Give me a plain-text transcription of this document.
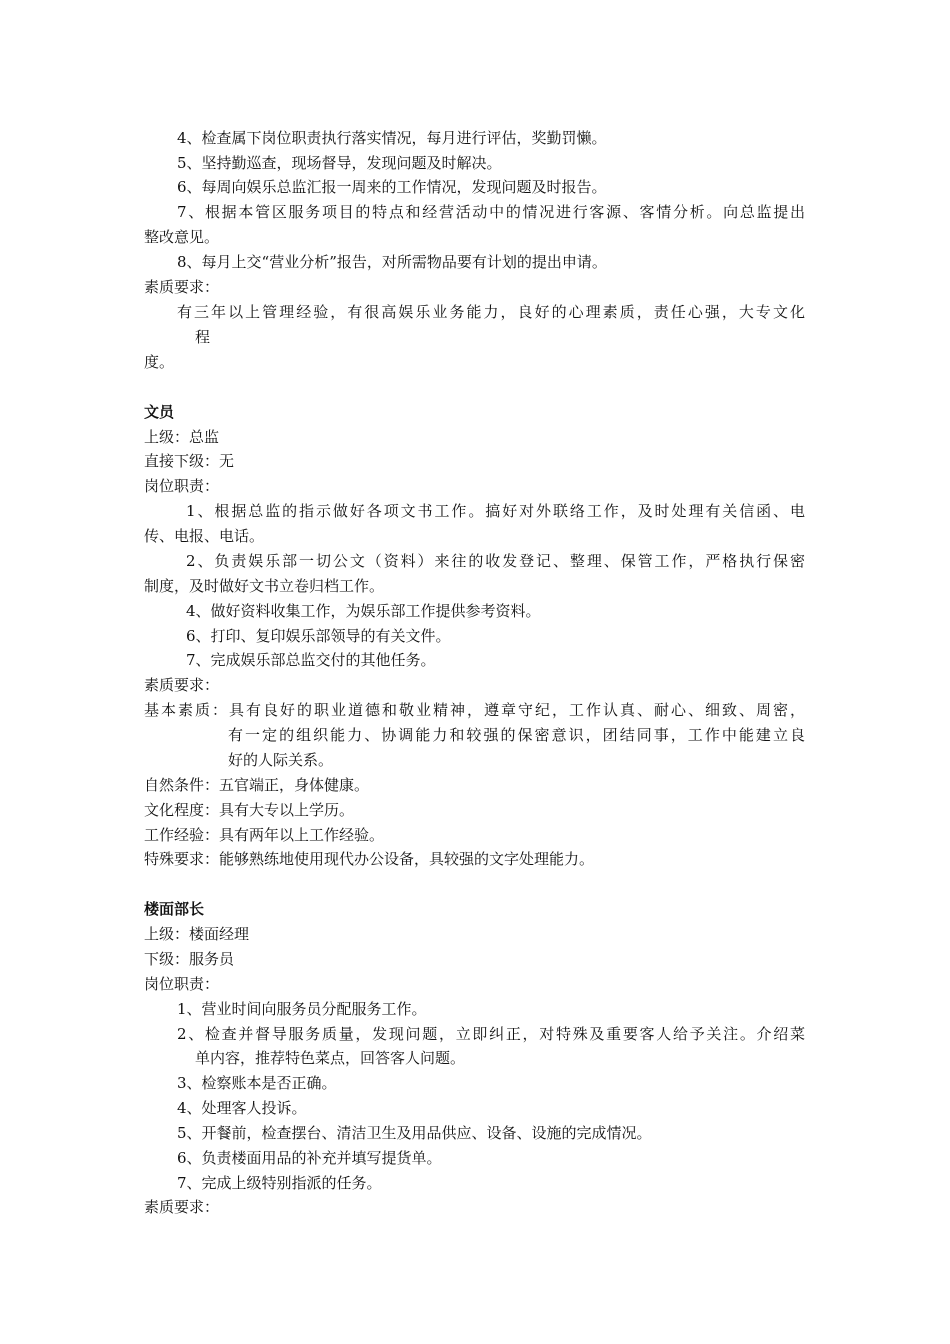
4、检查属下岗位职责执行落实情况，每月进行评估，奖勤罚懒。
5、坚持勤巡查，现场督导，发现问题及时解决。
6、每周向娱乐总监汇报一周来的工作情况，发现问题及时报告。
7、根据本管区服务项目的特点和经营活动中的情况进行客源、客情分析。向总监提出
整改意见。
8、每月上交“营业分析”报告，对所需物品要有计划的提出申请。
素质要求：
有三年以上管理经验，有很高娱乐业务能力，良好的心理素质，责任心强，大专文化
程
度。
文员
上级：总监
直接下级：无
岗位职责：
1、根据总监的指示做好各项文书工作。搞好对外联络工作，及时处理有关信函、电
传、电报、电话。
2、负责娱乐部一切公文（资料）来往的收发登记、整理、保管工作，严格执行保密
制度，及时做好文书立卷归档工作。
4、做好资料收集工作，为娱乐部工作提供参考资料。
6、打印、复印娱乐部领导的有关文件。
7、完成娱乐部总监交付的其他任务。
素质要求：
基本素质：具有良好的职业道德和敬业精神，遵章守纪，工作认真、耐心、细致、周密，
有一定的组织能力、协调能力和较强的保密意识，团结同事，工作中能建立良
好的人际关系。
自然条件：五官端正，身体健康。
文化程度：具有大专以上学历。
工作经验：具有两年以上工作经验。
特殊要求：能够熟练地使用现代办公设备，具较强的文字处理能力。
楼面部长
上级：楼面经理
下级：服务员
岗位职责：
1、营业时间向服务员分配服务工作。
2、检查并督导服务质量，发现问题，立即纠正，对特殊及重要客人给予关注。介绍菜
单内容，推荐特色菜点，回答客人问题。
3、检察账本是否正确。
4、处理客人投诉。
5、开餐前，检查摆台、清洁卫生及用品供应、设备、设施的完成情况。
6、负责楼面用品的补充并填写提货单。
7、完成上级特别指派的任务。
素质要求：
